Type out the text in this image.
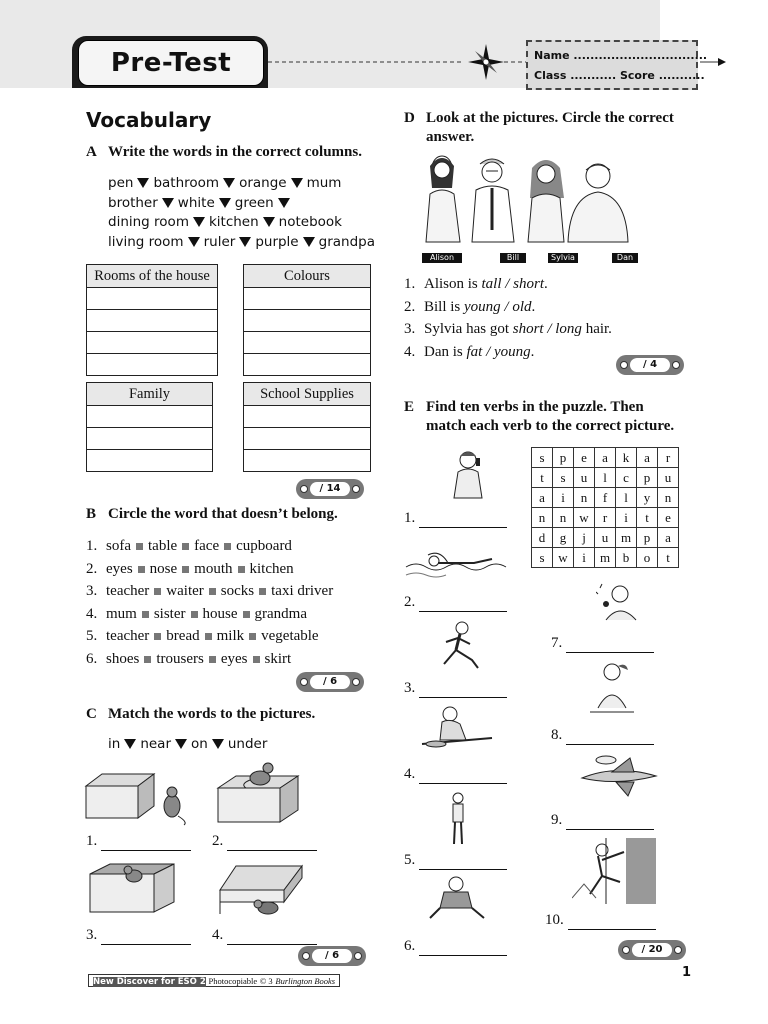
Pre-Test	Name ................................
Class ........... Score ...........
Vocabulary
A Write the words in the correct columns.
pen bathroom orange mum
brother white green
dining room kitchen notebook
living room ruler purple grandpa
Rooms of the house	Colours

Family	School Supplies

/ 14
B Circle the word that doesn’t belong.
1. sofa table face cupboard
2. eyes nose mouth kitchen
3. teacher waiter socks taxi driver
4. mum sister house grandma
5. teacher bread milk vegetable
6. shoes trousers eyes skirt
/ 6
C Match the words to the pictures.
in near on under
1.	2.
3.	4.
/ 6
D Look at the pictures. Circle the correct
answer.
Alison	Bill	Sylvia	Dan
1. Alison is tall / short.
2. Bill is young / old.
3. Sylvia has got short / long hair.
4. Dan is fat / young.
/ 4
E Find ten verbs in the puzzle. Then
match each verb to the correct picture.
s	p	e	a	k	a	r
t	s	u	l	c	p	u
a	i	n	f	l	y	n
n	n	w	r	i	t	e
d	g	j	u	m	p	a
s	w	i	m	b	o	t
1.
2.
3.
4.
5.
6.
7.
8.
9.
10.
/ 20
New Discover for ESO 2 Photocopiable © 3 Burlington Books
1
